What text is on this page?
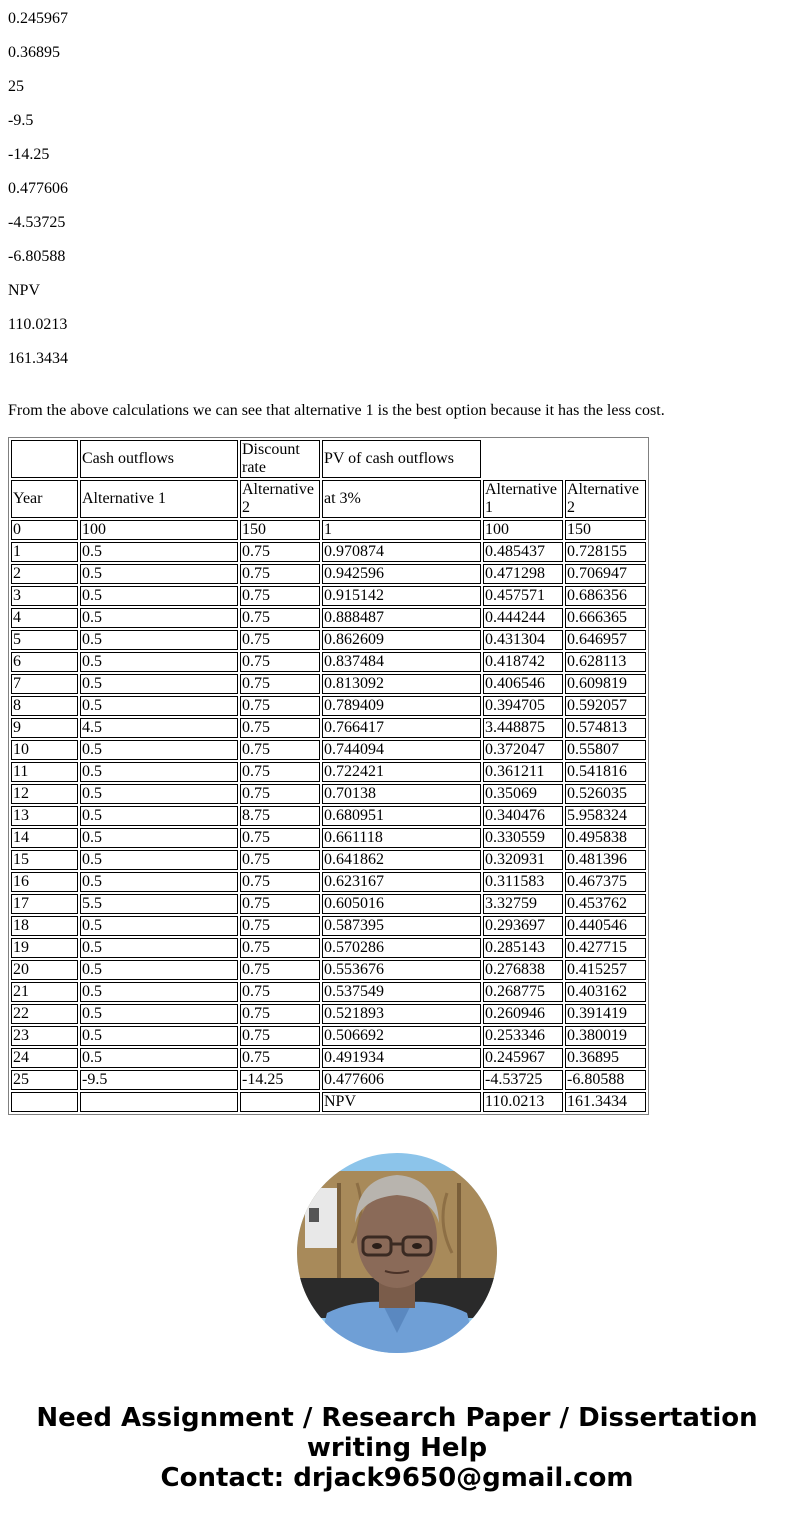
0.245967

0.36895

25

-9.5

-14.25

0.477606

-4.53725

-6.80588

NPV

110.0213

161.3434

From the above calculations we can see that alternative 1 is the best option because it has the less cost.

	Cash outflows	Discount rate	PV of cash outflows		
Year	Alternative 1	Alternative 2	at 3%	Alternative 1	Alternative 2
0	100	150	1	100	150
1	0.5	0.75	0.970874	0.485437	0.728155
2	0.5	0.75	0.942596	0.471298	0.706947
3	0.5	0.75	0.915142	0.457571	0.686356
4	0.5	0.75	0.888487	0.444244	0.666365
5	0.5	0.75	0.862609	0.431304	0.646957
6	0.5	0.75	0.837484	0.418742	0.628113
7	0.5	0.75	0.813092	0.406546	0.609819
8	0.5	0.75	0.789409	0.394705	0.592057
9	4.5	0.75	0.766417	3.448875	0.574813
10	0.5	0.75	0.744094	0.372047	0.55807
11	0.5	0.75	0.722421	0.361211	0.541816
12	0.5	0.75	0.70138	0.35069	0.526035
13	0.5	8.75	0.680951	0.340476	5.958324
14	0.5	0.75	0.661118	0.330559	0.495838
15	0.5	0.75	0.641862	0.320931	0.481396
16	0.5	0.75	0.623167	0.311583	0.467375
17	5.5	0.75	0.605016	3.32759	0.453762
18	0.5	0.75	0.587395	0.293697	0.440546
19	0.5	0.75	0.570286	0.285143	0.427715
20	0.5	0.75	0.553676	0.276838	0.415257
21	0.5	0.75	0.537549	0.268775	0.403162
22	0.5	0.75	0.521893	0.260946	0.391419
23	0.5	0.75	0.506692	0.253346	0.380019
24	0.5	0.75	0.491934	0.245967	0.36895
25	-9.5	-14.25	0.477606	-4.53725	-6.80588
			NPV	110.0213	161.3434
Need Assignment / Research Paper / Dissertation
writing Help
Contact: drjack9650@gmail.com
